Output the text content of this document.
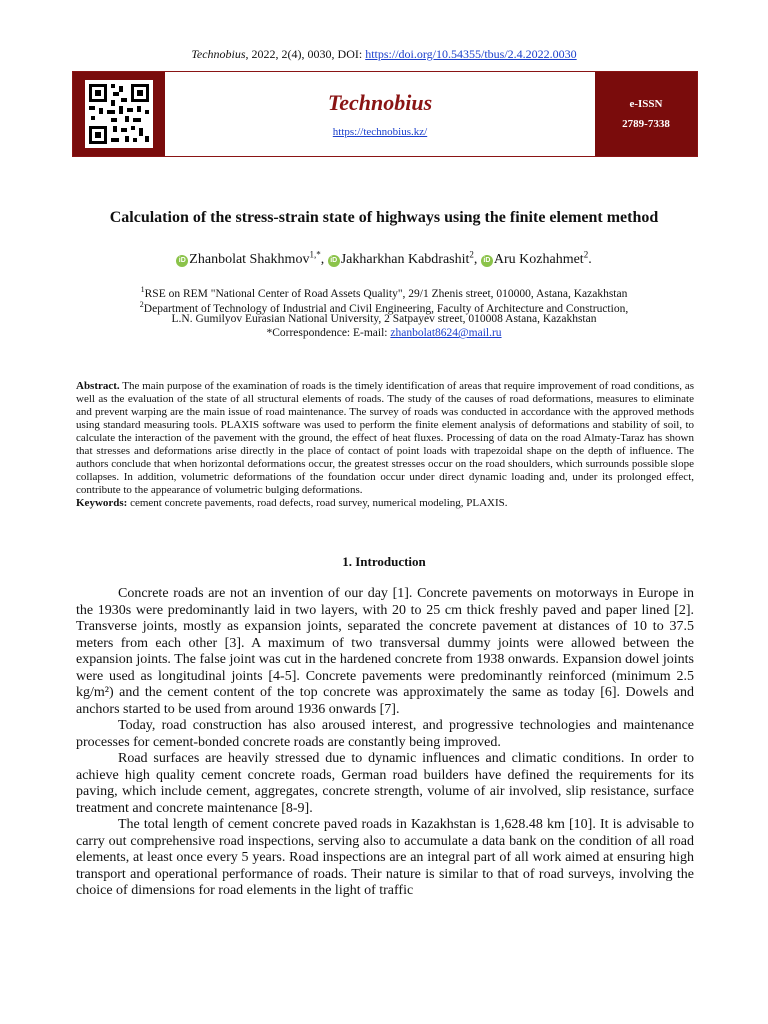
Technobius, 2022, 2(4), 0030, DOI: https://doi.org/10.54355/tbus/2.4.2022.0030
Technobius
https://technobius.kz/
e-ISSN
2789-7338
Calculation of the stress-strain state of highways using the finite element method
iD Zhanbolat Shakhmov$^{1,*}$, iD Jakharkhan Kabdrashit$^2$, iD Aru Kozhahmet$^2$.
$^1$RSE on REM "National Center of Road Assets Quality", 29/1 Zhenis street, 010000, Astana, Kazakhstan
$^2$Department of Technology of Industrial and Civil Engineering, Faculty of Architecture and Construction,
L.N. Gumilyov Eurasian National University, 2 Satpayev street, 010008 Astana, Kazakhstan
*Correspondence: E-mail: zhanbolat8624@mail.ru
Abstract. The main purpose of the examination of roads is the timely identification of areas that require improvement of road conditions, as well as the evaluation of the state of all structural elements of roads. The study of the causes of road deformations, measures to eliminate and prevent warping are the main issue of road maintenance. The survey of roads was conducted in accordance with the approved methods using standard measuring tools. PLAXIS software was used to perform the finite element analysis of deformations and stability of soil, to calculate the interaction of the pavement with the ground, the effect of heat fluxes. Processing of data on the road Almaty-Taraz has shown that stresses and deformations arise directly in the place of contact of point loads with trapezoidal shape on the depth of influence. The authors conclude that when horizontal deformations occur, the greatest stresses occur on the road shoulders, which surrounds possible slope collapses. In addition, volumetric deformations of the foundation occur under direct dynamic loading and, under its prolonged effect, contribute to the appearance of volumetric bulging deformations.
Keywords: cement concrete pavements, road defects, road survey, numerical modeling, PLAXIS.
1. Introduction

Concrete roads are not an invention of our day [1]. Concrete pavements on motorways in Europe in the 1930s were predominantly laid in two layers, with 20 to 25 cm thick freshly paved and paper lined [2]. Transverse joints, mostly as expansion joints, separated the concrete pavement at distances of 10 to 37.5 meters from each other [3]. A maximum of two transversal dummy joints were allowed between the expansion joints. The false joint was cut in the hardened concrete from 1938 onwards. Expansion dowel joints were used as longitudinal joints [4-5]. Concrete pavements were predominantly reinforced (minimum 2.5 kg/m²) and the cement content of the top concrete was approximately the same as today [6]. Dowels and anchors started to be used from around 1936 onwards [7].

Today, road construction has also aroused interest, and progressive technologies and maintenance processes for cement-bonded concrete roads are constantly being improved.

Road surfaces are heavily stressed due to dynamic influences and climatic conditions. In order to achieve high quality cement concrete roads, German road builders have defined the requirements for its paving, which include cement, aggregates, concrete strength, volume of air involved, slip resistance, surface treatment and concrete maintenance [8-9].

The total length of cement concrete paved roads in Kazakhstan is 1,628.48 km [10]. It is advisable to carry out comprehensive road inspections, serving also to accumulate a data bank on the condition of all road elements, at least once every 5 years. Road inspections are an integral part of all work aimed at ensuring high transport and operational performance of roads. Their nature is similar to that of road surveys, involving the choice of dimensions for road elements in the light of traffic
